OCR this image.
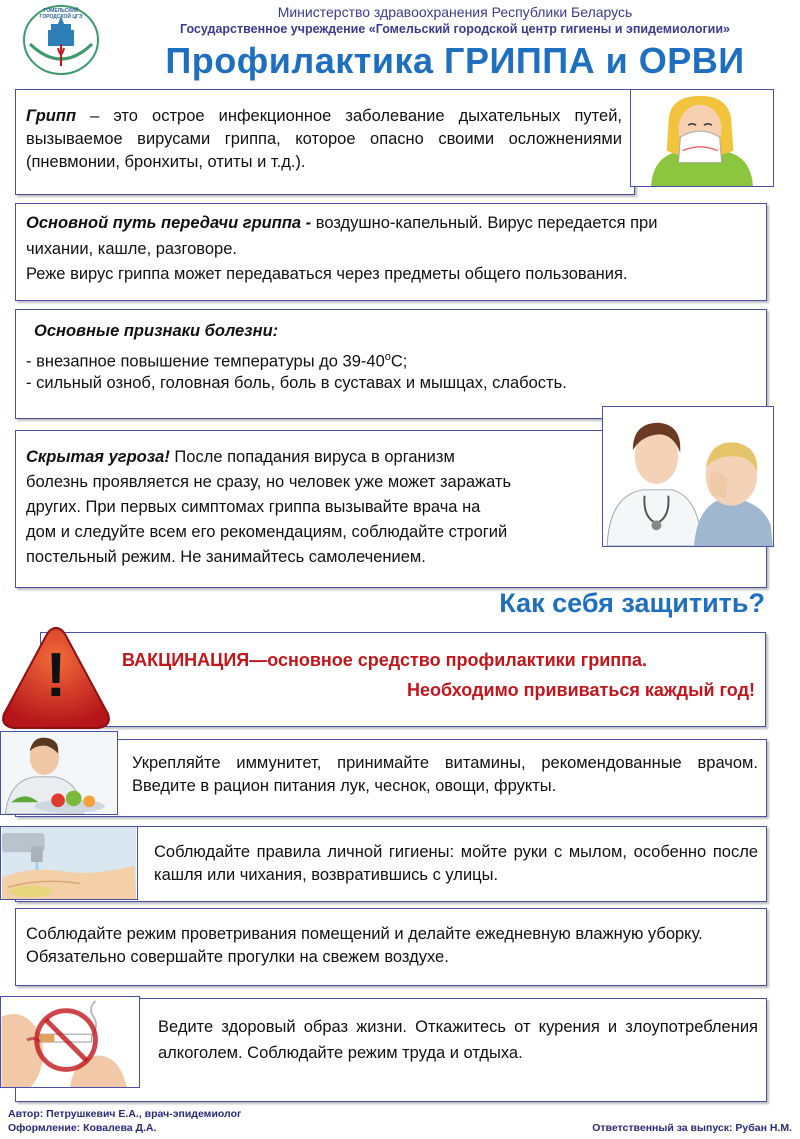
ГОМЕЛЬСКИЙ ГОРОДСКОЙ ЦГЭ	Министерство здравоохранения Республики Беларусь
Государственное учреждение «Гомельский городской центр гигиены и эпидемиологии»
Профилактика ГРИППА и ОРВИ
Грипп – это острое инфекционное заболевание дыхательных путей, вызываемое вирусами гриппа, которое опасно своими осложнениями (пневмонии, бронхиты, отиты и т.д.).
Основной путь передачи гриппа - воздушно-капельный. Вирус передается при
чихании, кашле, разговоре.
Реже вирус гриппа может передаваться через предметы общего пользования.
Основные признаки болезни:
- внезапное повышение температуры до $39-40^оС$;
- сильный озноб, головная боль, боль в суставах и мышцах, слабость.
Скрытая угроза! После попадания вируса в организм
болезнь проявляется не сразу, но человек уже может заражать
других. При первых симптомах гриппа вызывайте врача на
дом и следуйте всем его рекомендациям, соблюдайте строгий
постельный режим. Не занимайтесь самолечением.
Как себя защитить?
!	ВАКЦИНАЦИЯ—основное средство профилактики гриппа.
Необходимо прививаться каждый год!
Укрепляйте иммунитет, принимайте витамины, рекомендованные врачом. Введите в рацион питания лук, чеснок, овощи, фрукты.
Соблюдайте правила личной гигиены: мойте руки с мылом, особенно после кашля или чихания, возвратившись с улицы.
Соблюдайте режим проветривания помещений и делайте ежедневную влажную уборку. Обязательно совершайте прогулки на свежем воздухе.
Ведите здоровый образ жизни. Откажитесь от курения и злоупотребления алкоголем. Соблюдайте режим труда и отдыха.
Автор: Петрушкевич Е.А., врач-эпидемиолог
Оформление: Ковалева Д.А.	Ответственный за выпуск: Рубан Н.М.
